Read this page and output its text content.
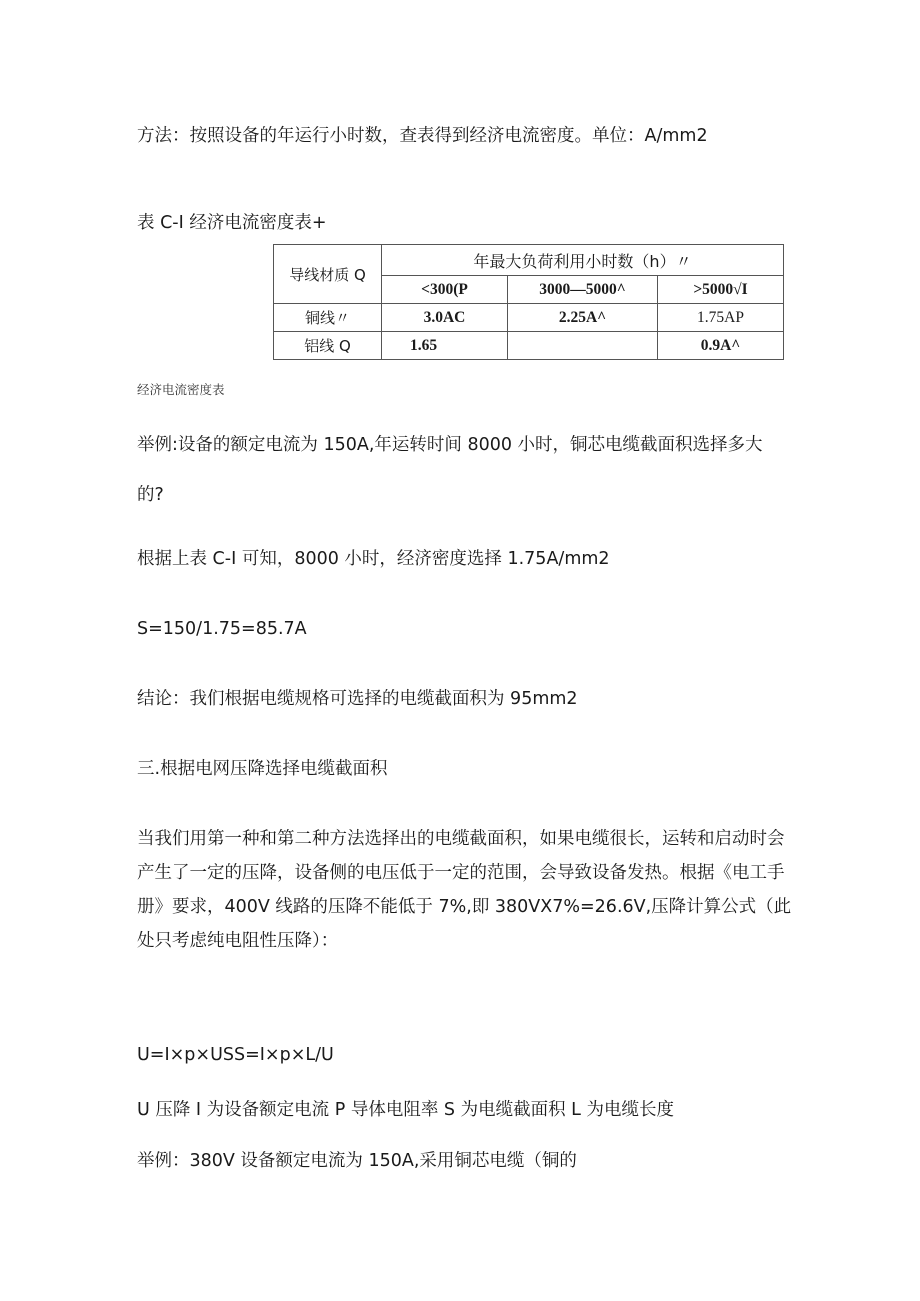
方法：按照设备的年运行小时数，查表得到经济电流密度。单位：A/mm2

表 C-I 经济电流密度表+

导线材质 Q	年最大负荷利用小时数（h）〃		
	<300(P	3000—5000^	>5000√I
铜线〃	3.0AC	2.25A^	1.75AP
铝线 Q	1.65		0.9A^
经济电流密度表

举例:设备的额定电流为 150A,年运转时间 8000 小时，铜芯电缆截面积选择多大的?

根据上表 C-I 可知，8000 小时，经济密度选择 1.75A/mm2

S=150/1.75=85.7A

结论：我们根据电缆规格可选择的电缆截面积为 95mm2

三.根据电网压降选择电缆截面积

当我们用第一种和第二种方法选择出的电缆截面积，如果电缆很长，运转和启动时会产生了一定的压降，设备侧的电压低于一定的范围，会导致设备发热。根据《电工手册》要求，400V 线路的压降不能低于 7%,即 380VX7%=26.6V,压降计算公式（此处只考虑纯电阻性压降）：

U=I×p×USS=I×p×L/U

U 压降 I 为设备额定电流 P 导体电阻率 S 为电缆截面积 L 为电缆长度

举例：380V 设备额定电流为 150A,采用铜芯电缆（铜的
